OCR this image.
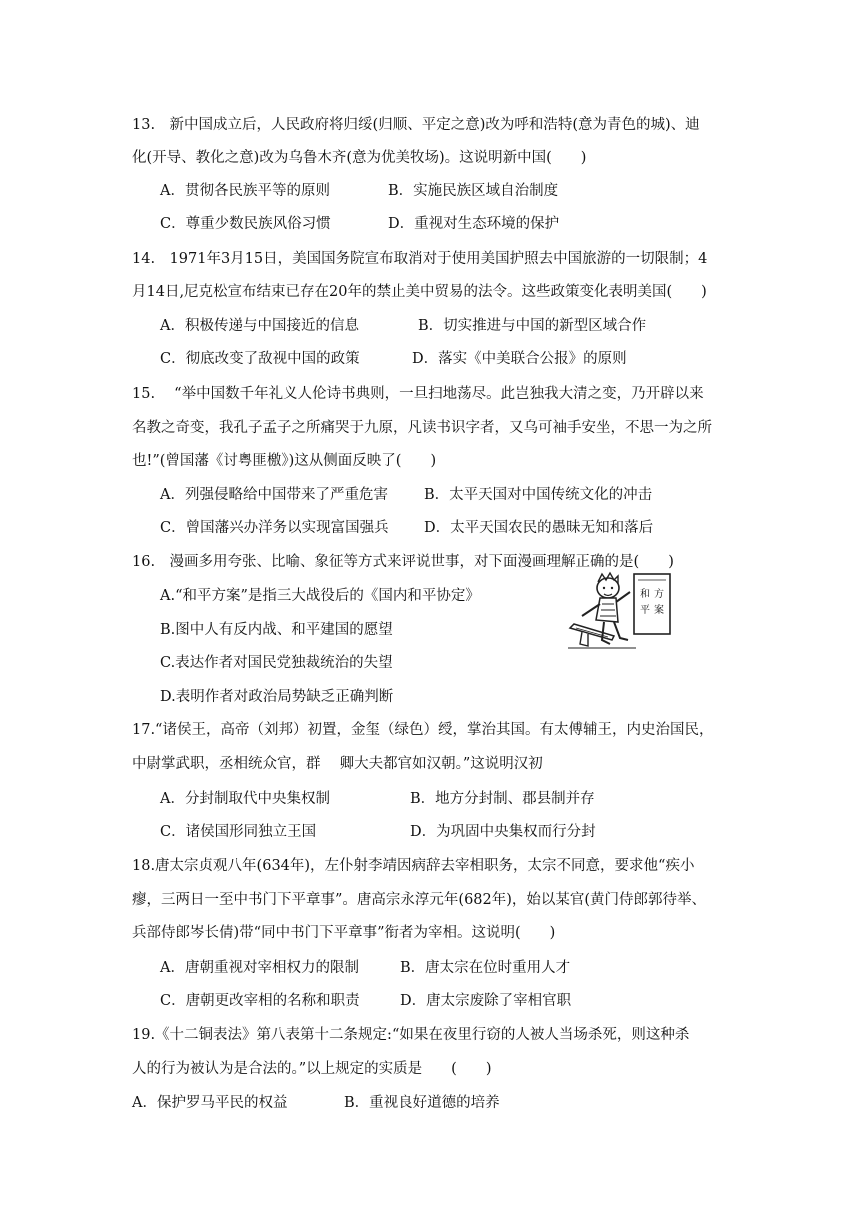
13.　新中国成立后，人民政府将归绥(归顺、平定之意)改为呼和浩特(意为青色的城)、迪
化(开导、教化之意)改为乌鲁木齐(意为优美牧场)。这说明新中国(　　)
A．贯彻各民族平等的原则	B．实施民族区域自治制度
C．尊重少数民族风俗习惯	D．重视对生态环境的保护
14.　1971年3月15日，美国国务院宣布取消对于使用美国护照去中国旅游的一切限制；4
月14日,尼克松宣布结束已存在20年的禁止美中贸易的法令。这些政策变化表明美国(　　)
A．积极传递与中国接近的信息	B．切实推进与中国的新型区域合作
C．彻底改变了敌视中国的政策	D．落实《中美联合公报》的原则
15.　 “举中国数千年礼义人伦诗书典则，一旦扫地荡尽。此岂独我大清之变，乃开辟以来
名教之奇变，我孔子孟子之所痛哭于九原，凡读书识字者，又乌可袖手安坐，不思一为之所
也!”(曾国藩《讨粤匪檄》)这从侧面反映了(　　)
A．列强侵略给中国带来了严重危害 B．太平天国对中国传统文化的冲击
C．曾国藩兴办洋务以实现富国强兵 D．太平天国农民的愚昧无知和落后
16.　漫画多用夸张、比喻、象征等方式来评说世事，对下面漫画理解正确的是(　　)
A.“和平方案”是指三大战役后的《国内和平协定》
B.图中人有反内战、和平建国的愿望
C.表达作者对国民党独裁统治的失望
D.表明作者对政治局势缺乏正确判断
和 方
平 案
17.“诸侯王，高帝（刘邦）初置，金玺（绿色）绶，掌治其国。有太傅辅王，内史治国民，
中尉掌武职，丞相统众官，群　 卿大夫都官如汉朝。”这说明汉初
A．分封制取代中央集权制	B．地方分封制、郡县制并存
C．诸侯国形同独立王国	D．为巩固中央集权而行分封
18.唐太宗贞观八年(634年)，左仆射李靖因病辞去宰相职务，太宗不同意，要求他“疾小
瘳，三两日一至中书门下平章事”。唐高宗永淳元年(682年)，始以某官(黄门侍郎郭待举、
兵部侍郎岑长倩)带“同中书门下平章事”衔者为宰相。这说明(　　)
A．唐朝重视对宰相权力的限制	B．唐太宗在位时重用人才
C．唐朝更改宰相的名称和职责	D．唐太宗废除了宰相官职
19.《十二铜表法》第八表第十二条规定:“如果在夜里行窃的人被人当场杀死，则这种杀
人的行为被认为是合法的。”以上规定的实质是　　(　　)
A．保护罗马平民的权益	B．重视良好道德的培养
